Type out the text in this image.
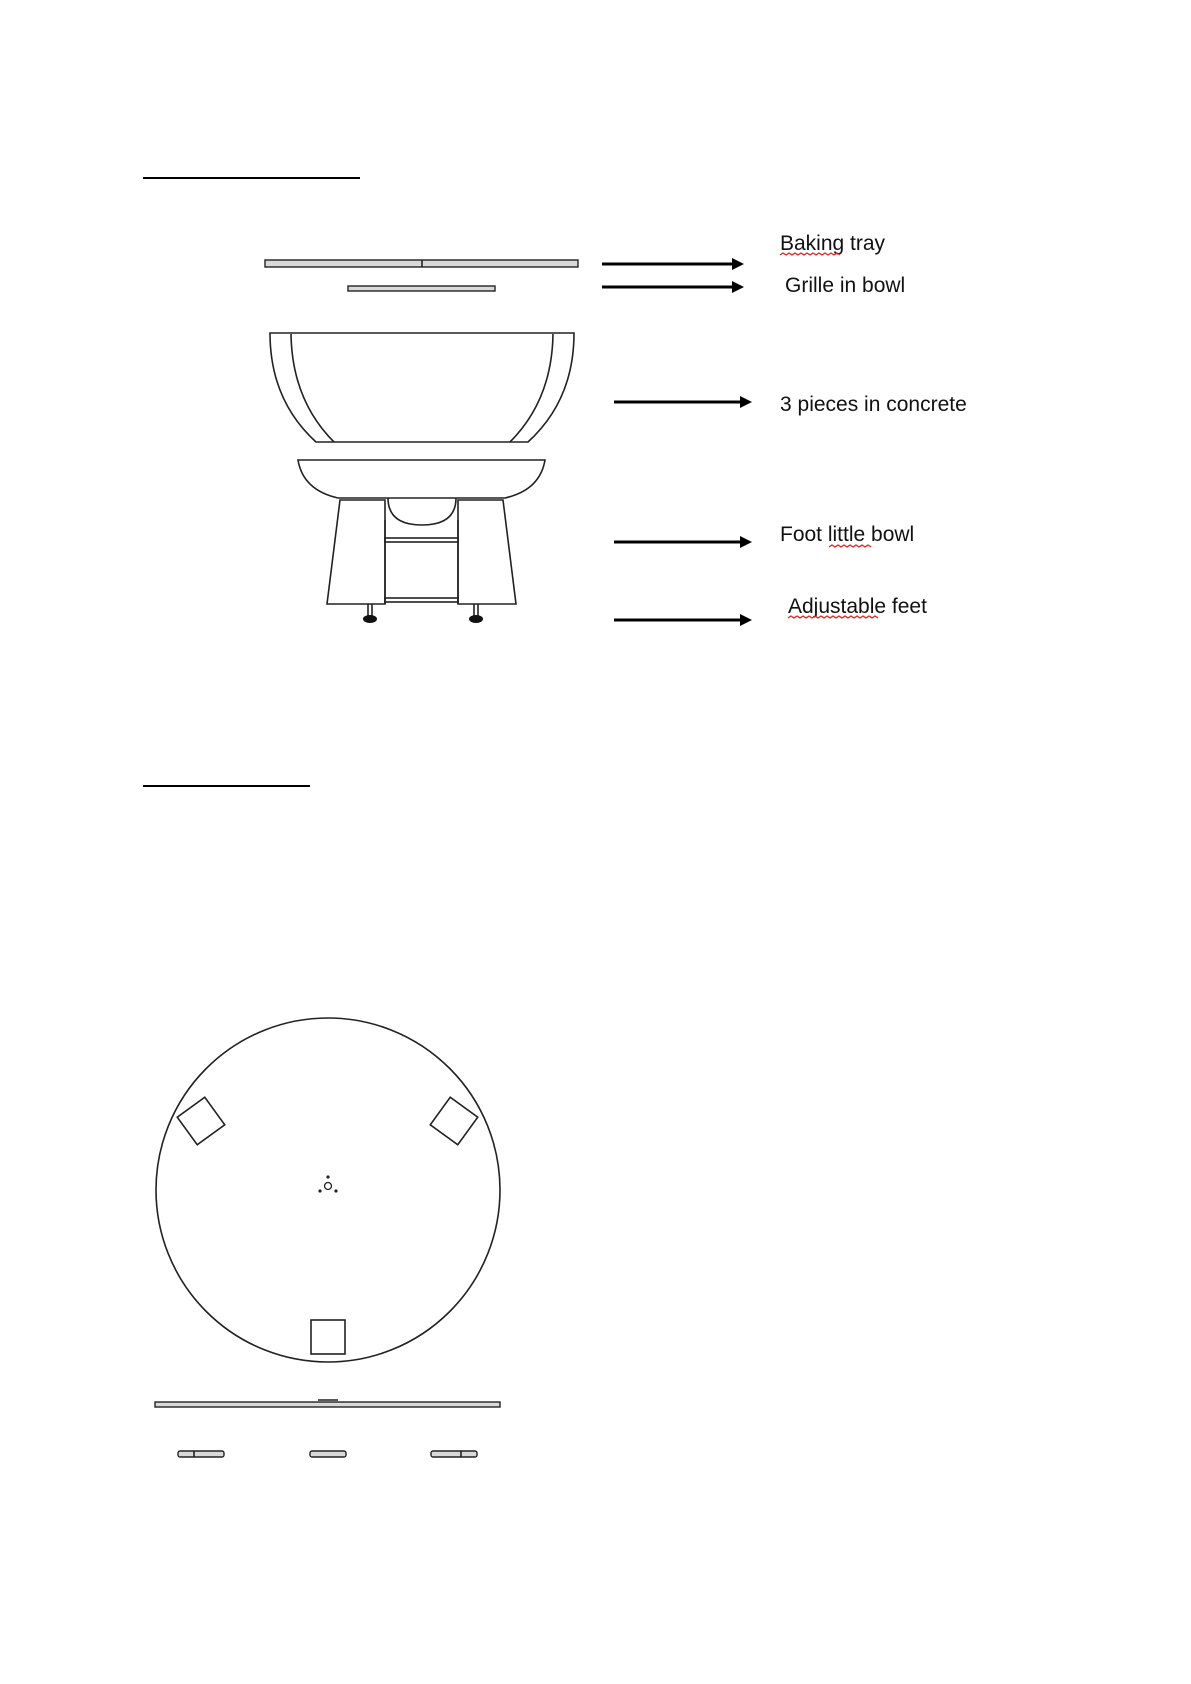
Baking tray
Grille in bowl
3 pieces in concrete
Foot little bowl
Adjustable feet
